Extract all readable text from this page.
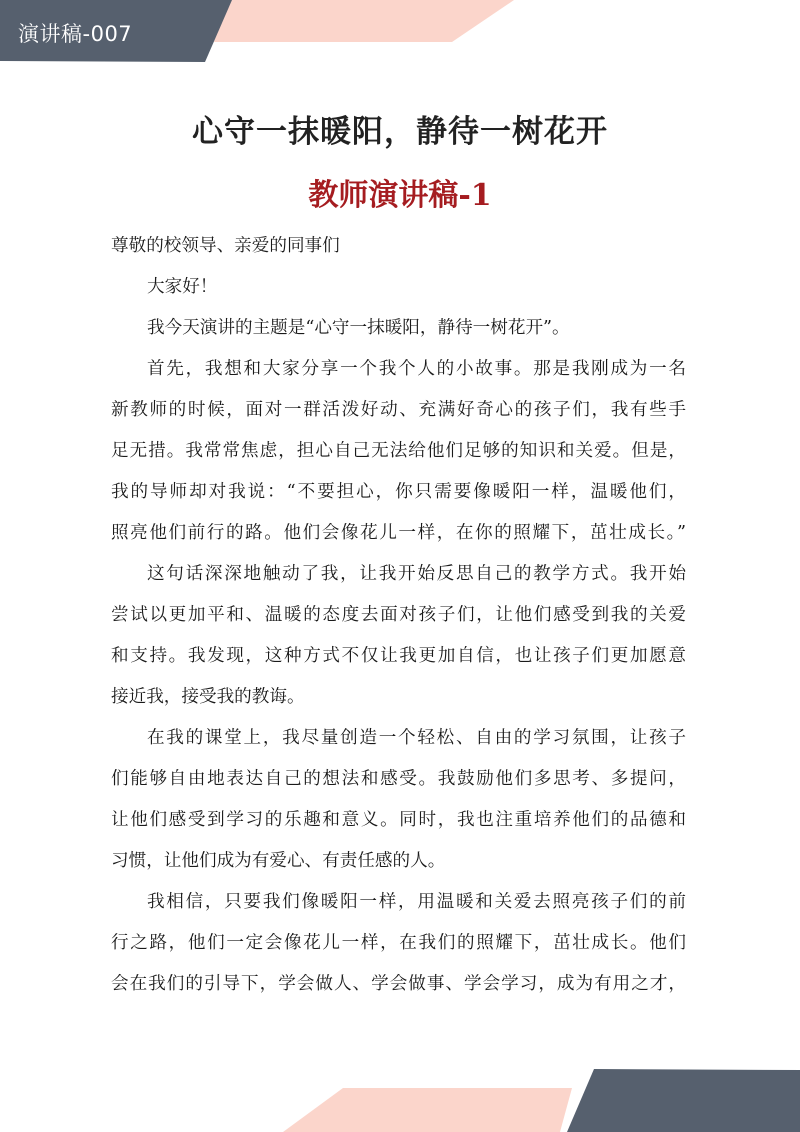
演讲稿-007
心守一抹暖阳，静待一树花开
教师演讲稿-1
尊敬的校领导、亲爱的同事们
大家好！
我今天演讲的主题是“心守一抹暖阳，静待一树花开”。
首先，我想和大家分享一个我个人的小故事。那是我刚成为一名
新教师的时候，面对一群活泼好动、充满好奇心的孩子们，我有些手
足无措。我常常焦虑，担心自己无法给他们足够的知识和关爱。但是，
我的导师却对我说：“不要担心，你只需要像暖阳一样，温暖他们，
照亮他们前行的路。他们会像花儿一样，在你的照耀下，茁壮成长。”
这句话深深地触动了我，让我开始反思自己的教学方式。我开始
尝试以更加平和、温暖的态度去面对孩子们，让他们感受到我的关爱
和支持。我发现，这种方式不仅让我更加自信，也让孩子们更加愿意
接近我，接受我的教诲。
在我的课堂上，我尽量创造一个轻松、自由的学习氛围，让孩子
们能够自由地表达自己的想法和感受。我鼓励他们多思考、多提问，
让他们感受到学习的乐趣和意义。同时，我也注重培养他们的品德和
习惯，让他们成为有爱心、有责任感的人。
我相信，只要我们像暖阳一样，用温暖和关爱去照亮孩子们的前
行之路，他们一定会像花儿一样，在我们的照耀下，茁壮成长。他们
会在我们的引导下，学会做人、学会做事、学会学习，成为有用之才，
